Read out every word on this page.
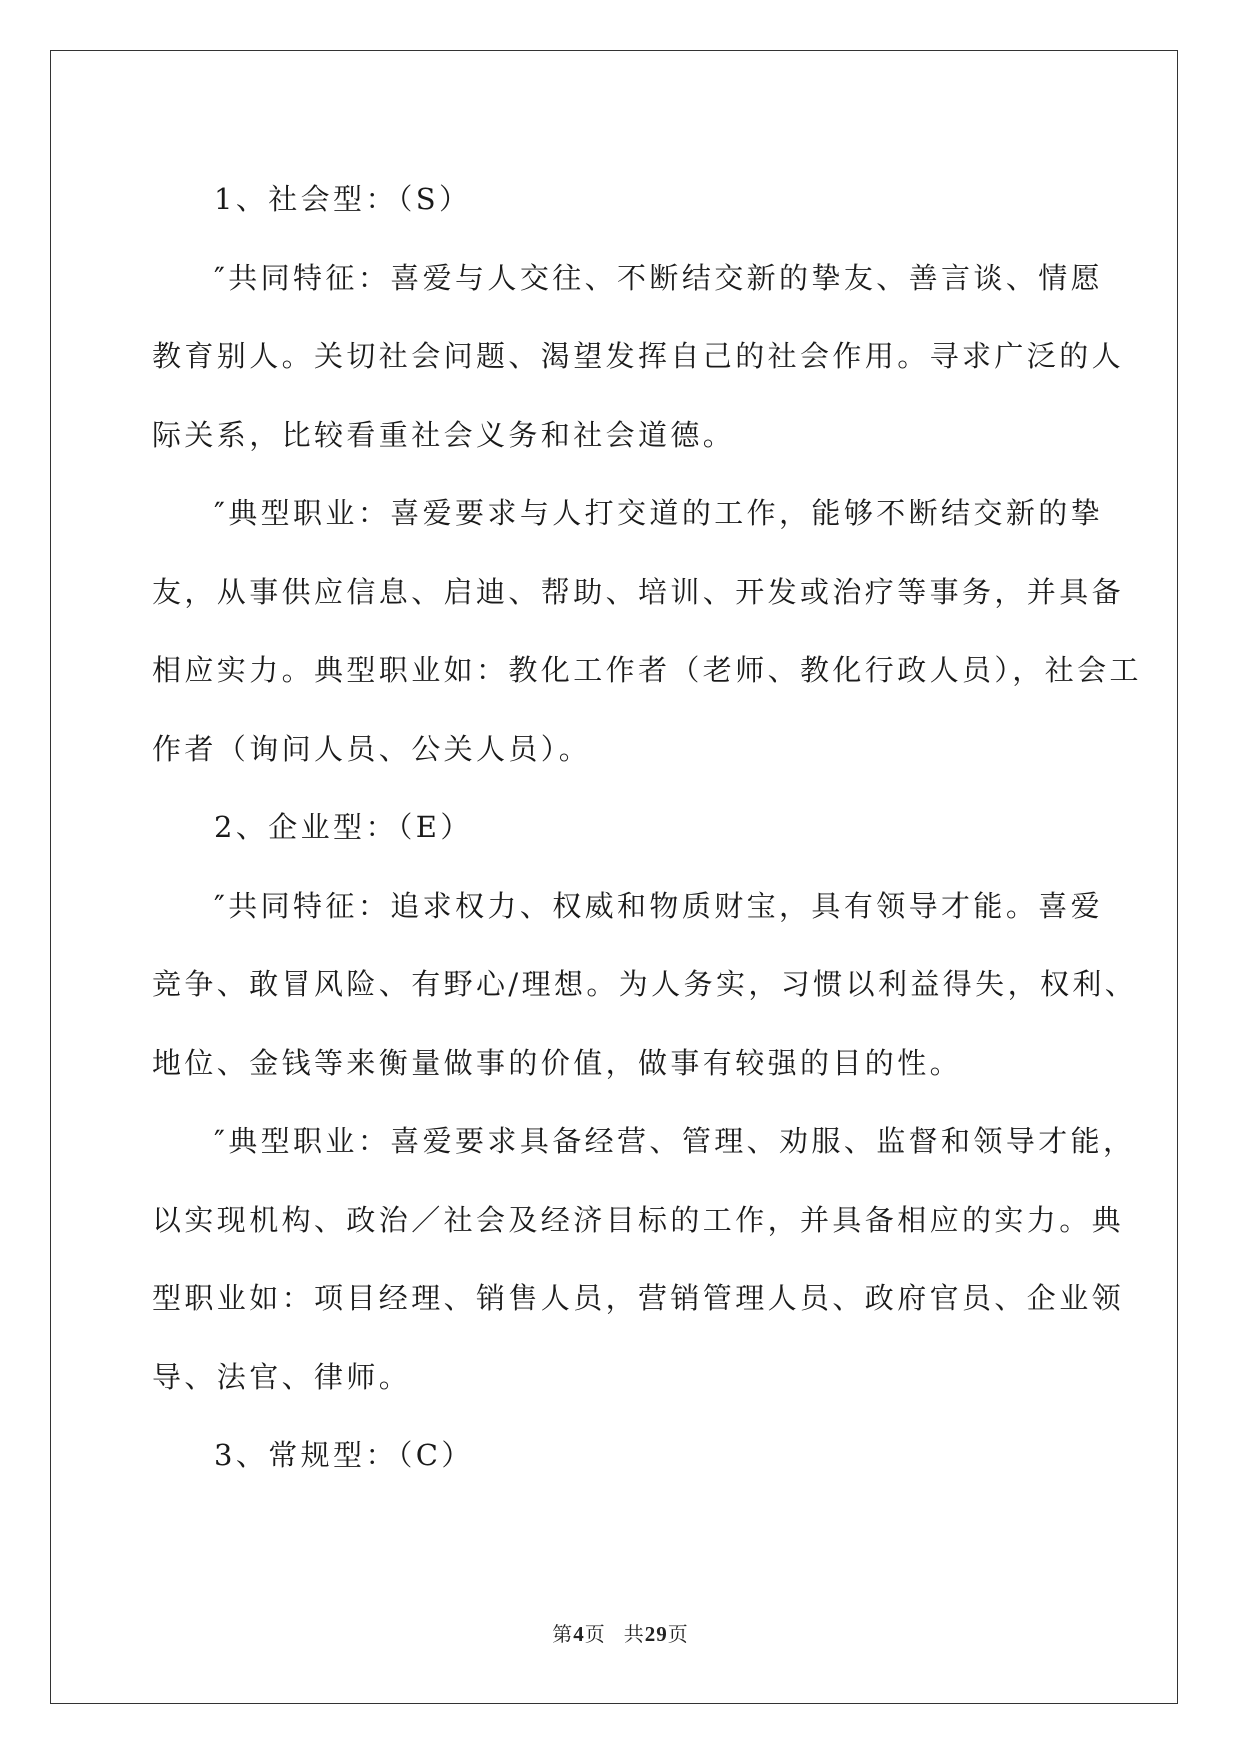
1、社会型：（S）

″共同特征：喜爱与人交往、不断结交新的挚友、善言谈、情愿
教育别人。关切社会问题、渴望发挥自己的社会作用。寻求广泛的人
际关系，比较看重社会义务和社会道德。

″典型职业：喜爱要求与人打交道的工作，能够不断结交新的挚
友，从事供应信息、启迪、帮助、培训、开发或治疗等事务，并具备
相应实力。典型职业如：教化工作者（老师、教化行政人员），社会工
作者（询问人员、公关人员）。

2、企业型：（E）

″共同特征：追求权力、权威和物质财宝，具有领导才能。喜爱
竞争、敢冒风险、有野心/理想。为人务实，习惯以利益得失，权利、
地位、金钱等来衡量做事的价值，做事有较强的目的性。

″典型职业：喜爱要求具备经营、管理、劝服、监督和领导才能，
以实现机构、政治／社会及经济目标的工作，并具备相应的实力。典
型职业如：项目经理、销售人员，营销管理人员、政府官员、企业领
导、法官、律师。

3、常规型：（C）

第4页 共29页
